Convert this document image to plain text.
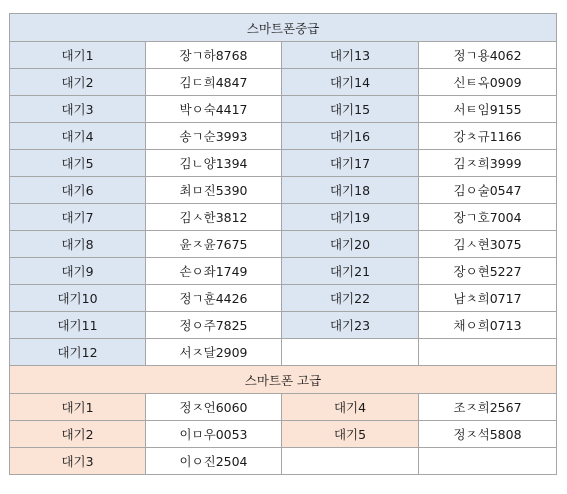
스마트폰중급			
대기1	장ㄱ하8768	대기13	정ㄱ용4062
대기2	김ㄷ희4847	대기14	신ㅌ옥0909
대기3	박ㅇ숙4417	대기15	서ㅌ임9155
대기4	송ㄱ순3993	대기16	강ㅊ규1166
대기5	김ㄴ양1394	대기17	김ㅈ희3999
대기6	최ㅁ진5390	대기18	김ㅇ술0547
대기7	김ㅅ한3812	대기19	장ㄱ호7004
대기8	윤ㅈ윤7675	대기20	김ㅅ현3075
대기9	손ㅇ좌1749	대기21	장ㅇ현5227
대기10	정ㄱ훈4426	대기22	남ㅊ희0717
대기11	정ㅇ주7825	대기23	채ㅇ희0713
대기12	서ㅈ달2909		
스마트폰 고급			
대기1	정ㅈ언6060	대기4	조ㅈ희2567
대기2	이ㅁ우0053	대기5	정ㅈ석5808
대기3	이ㅇ진2504		
